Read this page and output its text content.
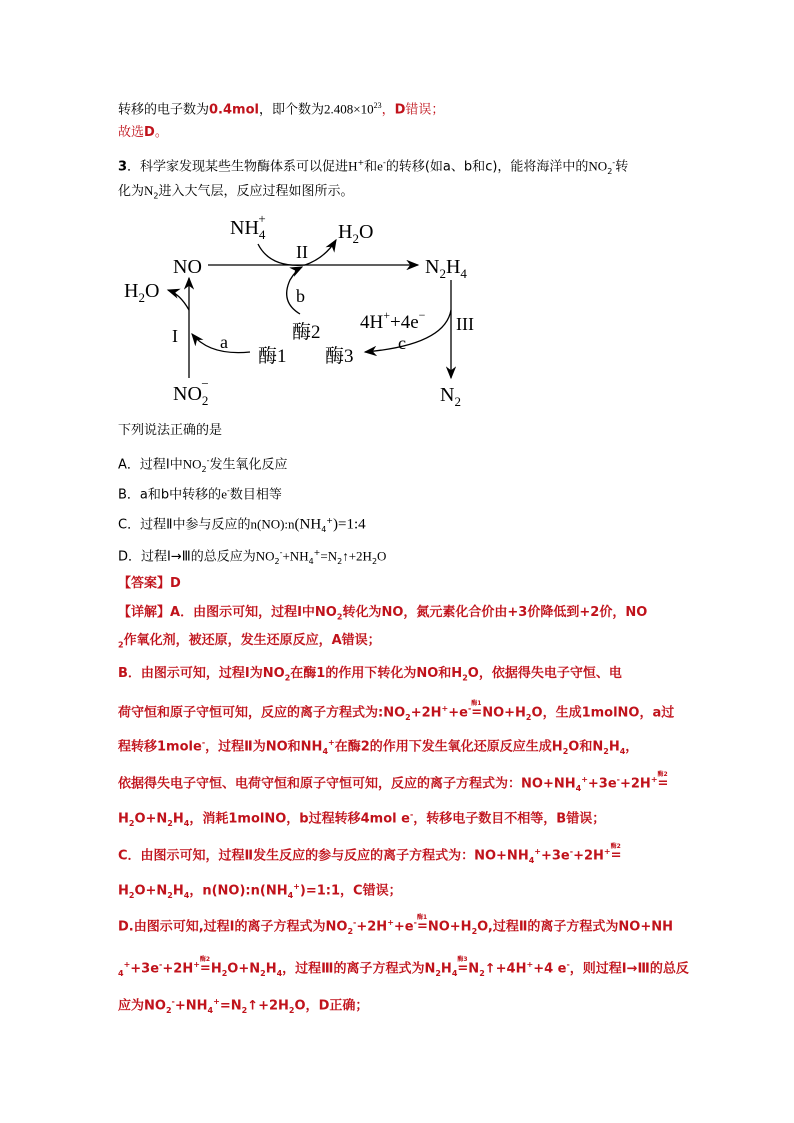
转移的电子数为0.4mol，即个数为$2.408\times 10^{23}$，D错误；
故选D。
3．科学家发现某些生物酶体系可以促进H+和e-的转移(如a、b和c)，能将海洋中的$NO_2^-$转
化为$N_2$进入大气层，反应过程如图所示。
$NH_4+$
$H_2O$
NO
II
$N_2H_4$
b
酶2
$H_2O$
I a
酶1
4H++4e− III
c
酶3
$NO_2-$
$N_2$
下列说法正确的是
A．过程Ⅰ中$NO_2^-$发生氧化反应
B．a和b中转移的e-数目相等
C．过程Ⅱ中参与反应的$n(NO):n(NH_4^+)=1:4$
D．过程Ⅰ→Ⅲ的总反应为$NO_2^-+NH_4^+=N_2↑+2H_2O$
【答案】D
【详解】A．由图示可知，过程Ⅰ中$NO_2$转化为NO，氮元素化合价由+3价降低到+2价，NO
$_2$作氧化剂，被还原，发生还原反应，A错误；
B．由图示可知，过程Ⅰ为$NO_2$在酶1的作用下转化为NO和$H_2O$，依据得失电子守恒、电
荷守恒和原子守恒可知，反应的离子方程式为$:NO_2+2H^++e^-$
酶1
$=NO+H_2O$，生成1molNO，a过
程转移1mole-，过程Ⅱ为NO和$NH_4^+$在酶2的作用下发生氧化还原反应生成$H_2O$和$N_2H_4$，
依据得失电子守恒、电荷守恒和原子守恒可知，反应的离子方程式为：$NO+NH_4^++3e^-+2H^+$
酶2
=
$H_2O+N_2H_4$，消耗1molNO，b过程转移4mol e-，转移电子数目不相等，B错误；
C．由图示可知，过程Ⅱ发生反应的参与反应的离子方程式为：$NO+NH_4^++3e^-+2H^+$
酶2
=
$H_2O+N_2H_4$，$n(NO):n(NH_4^+)=1:1$，C错误；
D.由图示可知,过程Ⅰ的离子方程式为$NO_2^-+2H^++e^-$
酶1
$=NO+H_2O$,过程Ⅱ的离子方程式为NO+NH
$_4$++3e-+2H+
酶2
$=H_2O+N_2H_4$，过程Ⅲ的离子方程式为$N_2H_4$
酶3
$=N_2↑+4H^++4$ e-，则过程Ⅰ→Ⅲ的总反
应为$NO_2^-+NH_4^+=N_2↑+2H_2O$，D正确；
